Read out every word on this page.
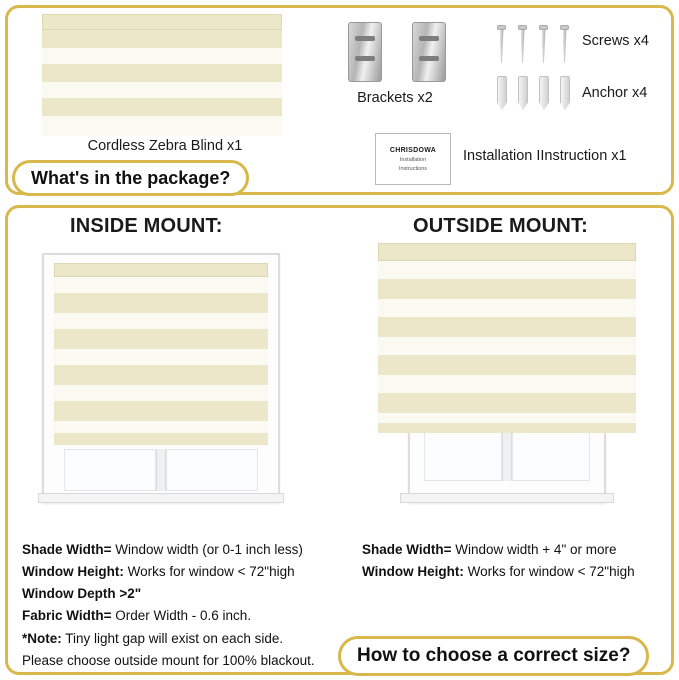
Cordless Zebra Blind x1
Brackets x2
Screws x4
Anchor x4
CHRISDOWA
Installation
Instructions
Installation IInstruction x1
What's in the package?
INSIDE MOUNT:	OUTSIDE MOUNT:
Shade Width= Window width (or 0-1 inch less)
Window Height: Works for window < 72"high
Window Depth >2"
Fabric Width= Order Width - 0.6 inch.
*Note: Tiny light gap will exist on each side.
Please choose outside mount for 100% blackout.
Shade Width= Window width + 4" or more
Window Height: Works for window < 72"high
How to choose a correct size?
